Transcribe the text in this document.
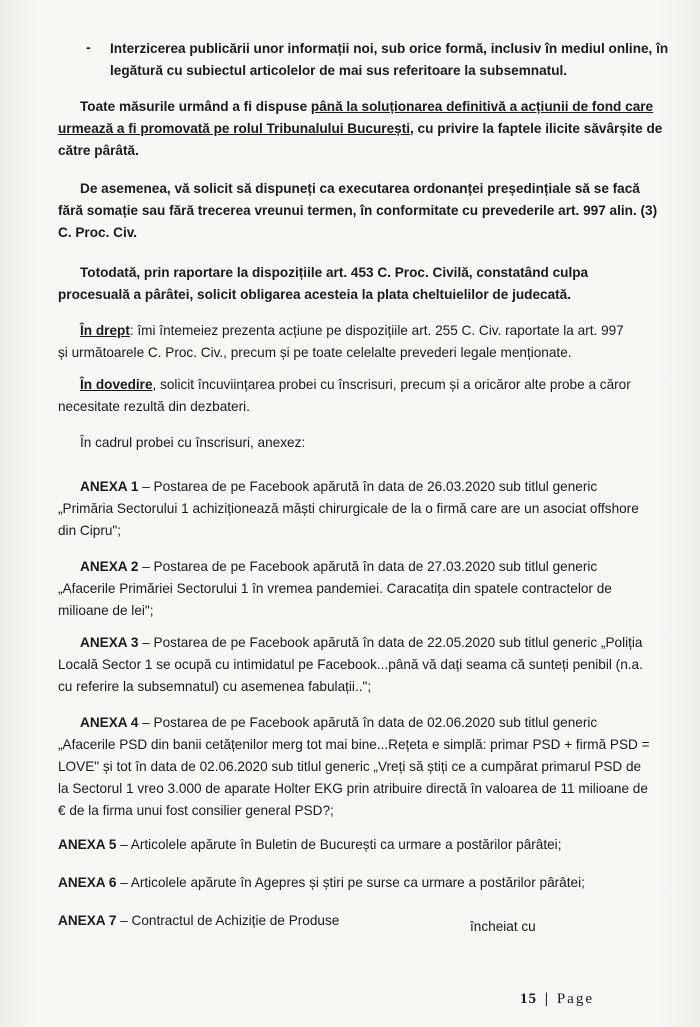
- Interzicerea publicării unor informații noi, sub orice formă, inclusiv în mediul online, în
legătură cu subiectul articolelor de mai sus referitoare la subsemnatul.
Toate măsurile urmând a fi dispuse până la soluționarea definitivă a acțiunii de fond care
urmează a fi promovată pe rolul Tribunalului București, cu privire la faptele ilicite săvârșite de
către pârâtă.
De asemenea, vă solicit să dispuneți ca executarea ordonanței președințiale să se facă
fără somație sau fără trecerea vreunui termen, în conformitate cu prevederile art. 997 alin. (3)
C. Proc. Civ.
Totodată, prin raportare la dispozițiile art. 453 C. Proc. Civilă, constatând culpa
procesuală a pârâtei, solicit obligarea acesteia la plata cheltuielilor de judecată.
În drept: îmi întemeiez prezenta acțiune pe dispozițiile art. 255 C. Civ. raportate la art. 997
și următoarele C. Proc. Civ., precum și pe toate celelalte prevederi legale menționate.
În dovedire, solicit încuviințarea probei cu înscrisuri, precum și a oricăror alte probe a căror
necesitate rezultă din dezbateri.
În cadrul probei cu înscrisuri, anexez:
ANEXA 1 – Postarea de pe Facebook apărută în data de 26.03.2020 sub titlul generic
„Primăria Sectorului 1 achiziționează măști chirurgicale de la o firmă care are un asociat offshore
din Cipru";
ANEXA 2 – Postarea de pe Facebook apărută în data de 27.03.2020 sub titlul generic
„Afacerile Primăriei Sectorului 1 în vremea pandemiei. Caracatița din spatele contractelor de
milioane de lei";
ANEXA 3 – Postarea de pe Facebook apărută în data de 22.05.2020 sub titlul generic „Poliția
Locală Sector 1 se ocupă cu intimidatul pe Facebook...până vă dați seama că sunteți penibil (n.a.
cu referire la subsemnatul) cu asemenea fabulații..";
ANEXA 4 – Postarea de pe Facebook apărută în data de 02.06.2020 sub titlul generic
„Afacerile PSD din banii cetățenilor merg tot mai bine...Rețeta e simplă: primar PSD + firmă PSD =
LOVE" și tot în data de 02.06.2020 sub titlul generic „Vreți să știți ce a cumpărat primarul PSD de
la Sectorul 1 vreo 3.000 de aparate Holter EKG prin atribuire directă în valoarea de 11 milioane de
€ de la firma unui fost consilier general PSD?;
ANEXA 5 – Articolele apărute în Buletin de București ca urmare a postărilor pârâtei;
ANEXA 6 – Articolele apărute în Agepres și știri pe surse ca urmare a postărilor pârâtei;
ANEXA 7 – Contractul de Achiziție de Produse	încheiat cu
15 | Page
